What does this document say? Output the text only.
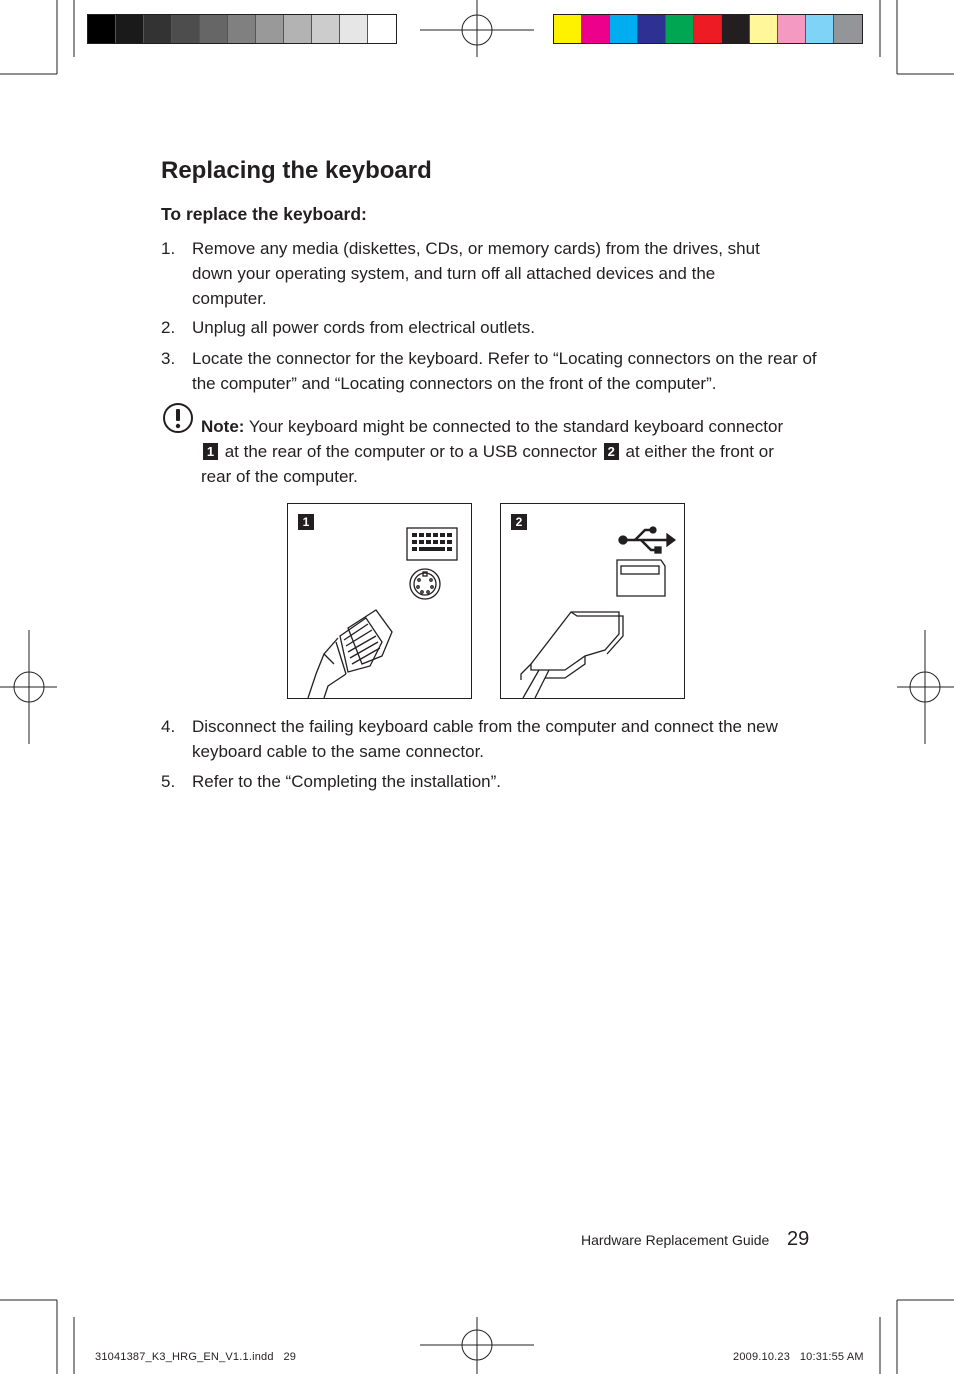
Replacing the keyboard
To replace the keyboard:
1. Remove any media (diskettes, CDs, or memory cards) from the drives, shut down your operating system, and turn off all attached devices and the computer.
2. Unplug all power cords from electrical outlets.
3. Locate the connector for the keyboard. Refer to “Locating connectors on the rear of the computer” and “Locating connectors on the front of the computer”.
Note: Your keyboard might be connected to the standard keyboard connector 1 at the rear of the computer or to a USB connector 2 at either the front or rear of the computer.
1	2
4. Disconnect the failing keyboard cable from the computer and connect the new keyboard cable to the same connector.
5. Refer to the “Completing the installation”.
Hardware Replacement Guide 29
31041387_K3_HRG_EN_V1.1.indd   29	2009.10.23   10:31:55 AM
